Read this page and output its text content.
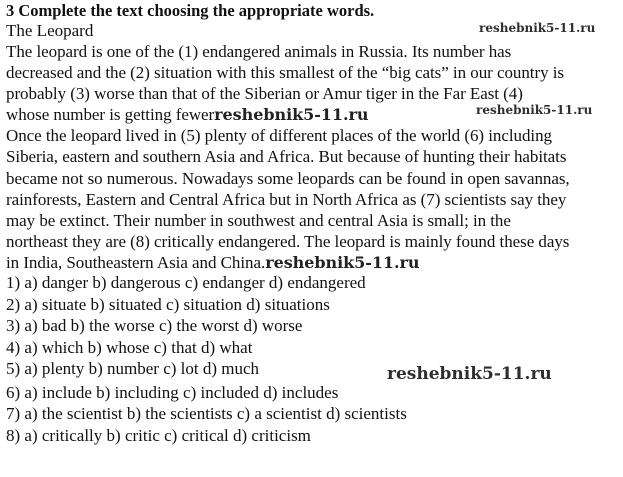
3 Complete the text choosing the appropriate words.
The Leopard
The leopard is one of the (1) endangered animals in Russia. Its number has
decreased and the (2) situation with this smallest of the “big cats” in our country is
probably (3) worse than that of the Siberian or Amur tiger in the Far East (4)
whose number is getting fewerreshebnik5-11.ru
Once the leopard lived in (5) plenty of different places of the world (6) including
Siberia, eastern and southern Asia and Africa. But because of hunting their habitats
became not so numerous. Nowadays some leopards can be found in open savannas,
rainforests, Eastern and Central Africa but in North Africa as (7) scientists say they
may be extinct. Their number in southwest and central Asia is small; in the
northeast they are (8) critically endangered. The leopard is mainly found these days
in India, Southeastern Asia and China.reshebnik5-11.ru
1) a) danger b) dangerous c) endanger d) endangered
2) a) situate b) situated c) situation d) situations
3) a) bad b) the worse c) the worst d) worse
4) a) which b) whose c) that d) what
5) a) plenty b) number c) lot d) much
6) a) include b) including c) included d) includes
7) a) the scientist b) the scientists c) a scientist d) scientists
8) a) critically b) critic c) critical d) criticism
reshebnik5-11.ru
reshebnik5-11.ru
reshebnik5-11.ru
